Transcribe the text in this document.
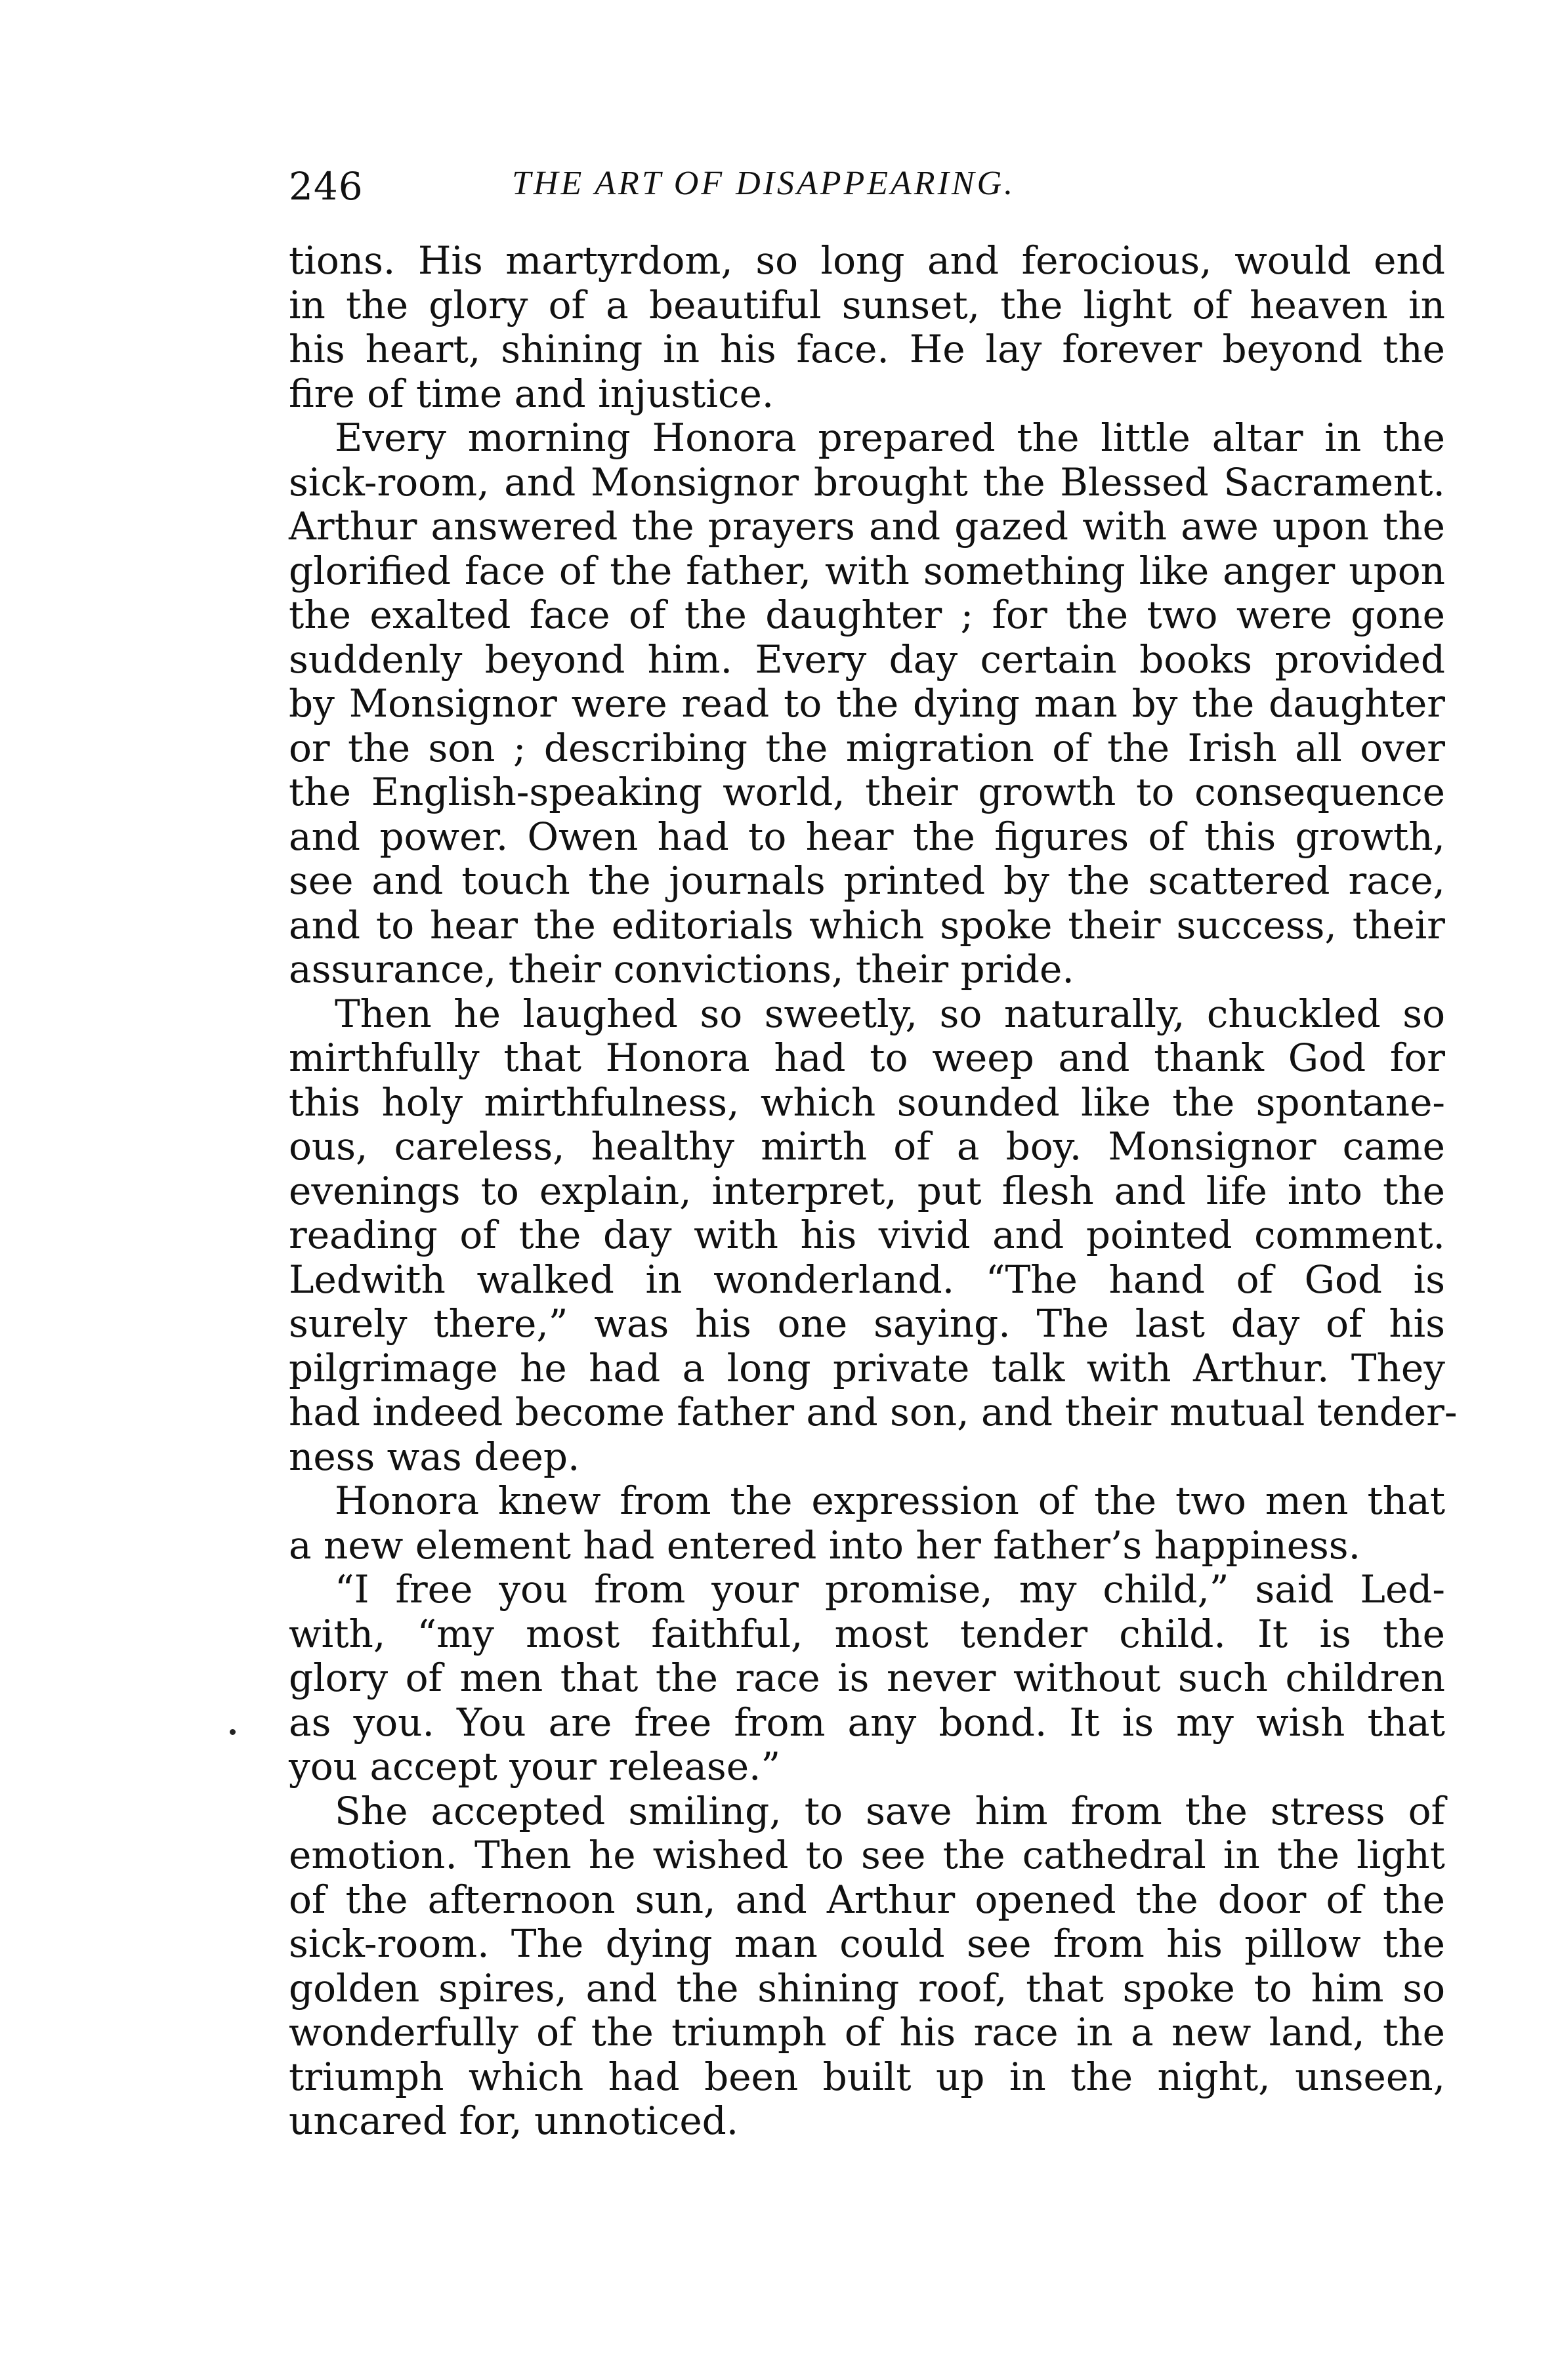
246	THE ART OF DISAPPEARING.
tions. His martyrdom, so long and ferocious, would end
in the glory of a beautiful sunset, the light of heaven in
his heart, shining in his face. He lay forever beyond the
fire of time and injustice.
Every morning Honora prepared the little altar in the
sick-room, and Monsignor brought the Blessed Sacrament.
Arthur answered the prayers and gazed with awe upon the
glorified face of the father, with something like anger upon
the exalted face of the daughter ; for the two were gone
suddenly beyond him. Every day certain books provided
by Monsignor were read to the dying man by the daughter
or the son ; describing the migration of the Irish all over
the English-speaking world, their growth to consequence
and power. Owen had to hear the figures of this growth,
see and touch the journals printed by the scattered race,
and to hear the editorials which spoke their success, their
assurance, their convictions, their pride.
Then he laughed so sweetly, so naturally, chuckled so
mirthfully that Honora had to weep and thank God for
this holy mirthfulness, which sounded like the spontane-
ous, careless, healthy mirth of a boy. Monsignor came
evenings to explain, interpret, put flesh and life into the
reading of the day with his vivid and pointed comment.
Ledwith walked in wonderland. “The hand of God is
surely there,” was his one saying. The last day of his
pilgrimage he had a long private talk with Arthur. They
had indeed become father and son, and their mutual tender-
ness was deep.
Honora knew from the expression of the two men that
a new element had entered into her father’s happiness.
“I free you from your promise, my child,” said Led-
with, “my most faithful, most tender child. It is the
glory of men that the race is never without such children
as you. You are free from any bond. It is my wish that
you accept your release.”
She accepted smiling, to save him from the stress of
emotion. Then he wished to see the cathedral in the light
of the afternoon sun, and Arthur opened the door of the
sick-room. The dying man could see from his pillow the
golden spires, and the shining roof, that spoke to him so
wonderfully of the triumph of his race in a new land, the
triumph which had been built up in the night, unseen,
uncared for, unnoticed.
